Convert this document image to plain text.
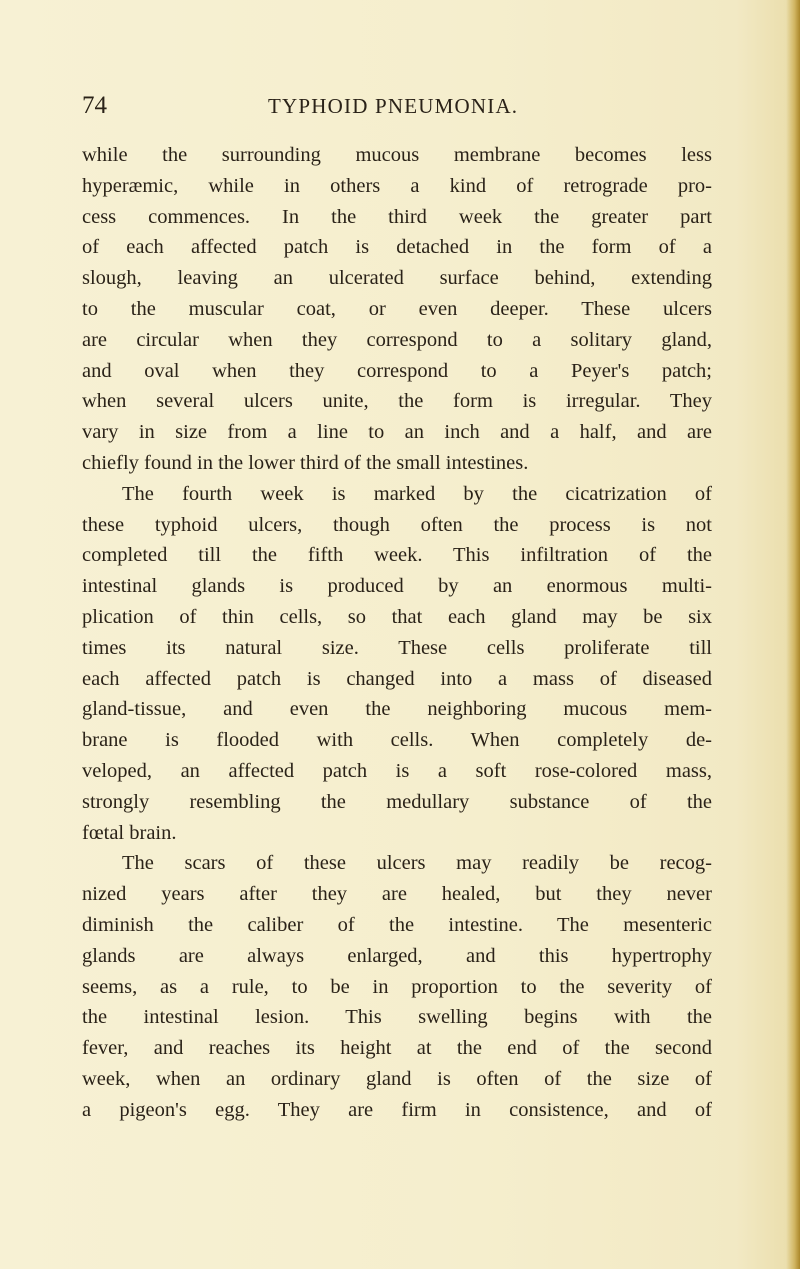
74	TYPHOID PNEUMONIA.
while the surrounding mucous membrane becomes less
hyperæmic, while in others a kind of retrograde pro-
cess commences. In the third week the greater part
of each affected patch is detached in the form of a
slough, leaving an ulcerated surface behind, extending
to the muscular coat, or even deeper. These ulcers
are circular when they correspond to a solitary gland,
and oval when they correspond to a Peyer's patch;
when several ulcers unite, the form is irregular. They
vary in size from a line to an inch and a half, and are
chiefly found in the lower third of the small intestines.
The fourth week is marked by the cicatrization of
these typhoid ulcers, though often the process is not
completed till the fifth week. This infiltration of the
intestinal glands is produced by an enormous multi-
plication of thin cells, so that each gland may be six
times its natural size. These cells proliferate till
each affected patch is changed into a mass of diseased
gland-tissue, and even the neighboring mucous mem-
brane is flooded with cells. When completely de-
veloped, an affected patch is a soft rose-colored mass,
strongly resembling the medullary substance of the
fœtal brain.
The scars of these ulcers may readily be recog-
nized years after they are healed, but they never
diminish the caliber of the intestine. The mesenteric
glands are always enlarged, and this hypertrophy
seems, as a rule, to be in proportion to the severity of
the intestinal lesion. This swelling begins with the
fever, and reaches its height at the end of the second
week, when an ordinary gland is often of the size of
a pigeon's egg. They are firm in consistence, and of
